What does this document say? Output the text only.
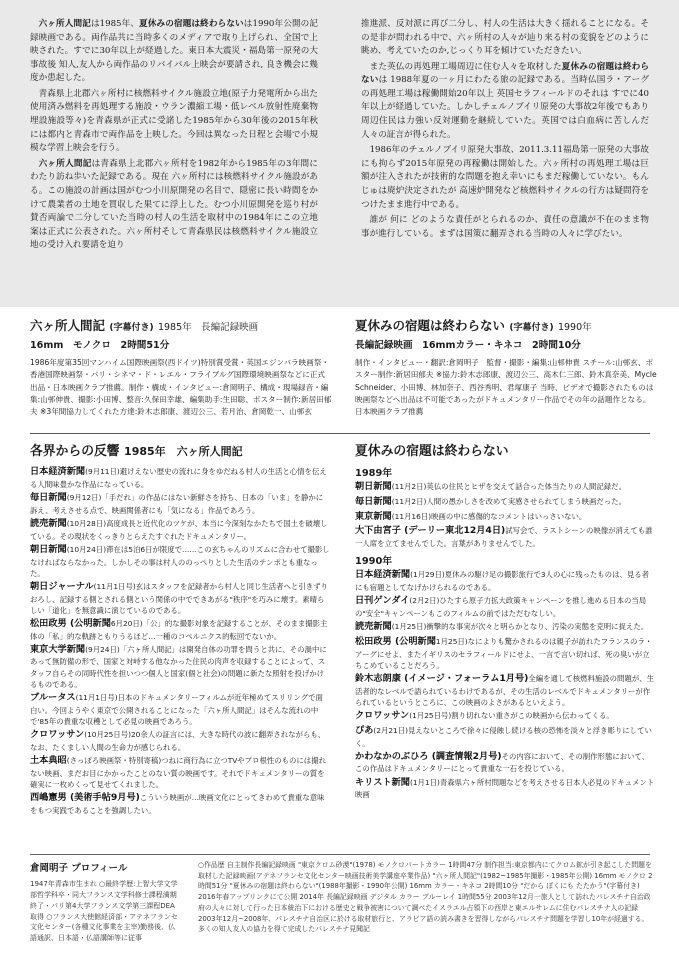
六ヶ所人間記は1985年、夏休みの宿題は終わらないは1990年公開の記録映画である。両作品共に当時多くのメディアで取り上げられ、全国で上映された。すでに30年以上が経過した。東日本大震災・福島第一原発の大事故後 知人,友人から両作品のリバイバル上映会が要請され, 良き機会に幾度か患起した。

青森県上北郡六ヶ所村に核燃料サイクル施設立地(原子力発電所から出た使用済み燃料を再処理する施設・ウラン濃縮工場・低レベル放射性廃棄物埋設施設等々)を青森県が正式に受諾した1985年から30年後の2015年秋には都内と青森市で両作品を上映した。今回は異なった日程と会場で小規模な学習上映会を行う。

六ヶ所人間記は青森県上北郡六ヶ所村を1982年から1985年の3年間にわたり訪ね歩いた記録である。現在 六ヶ所村には核燃料サイクル施設がある。この施設の計画は国がむつ小川原開発の名目で、隠密に長い時間をかけて農業者の土地を買収した果てに浮上した。むつ小川原開発を巡り村が賛否両論で二分していた当時の村人の生活を取材中の1984年にこの立地案は正式に公表された。六ヶ所村そして青森県民は核燃料サイクル施設立地の受け入れ要請を迫り

推進派、反対派に再び二分し、村人の生活は大きく揺れることになる。その是非が問われる中で、六ヶ所村の人々が辿り来る村の変貌をどのように眺め、考えていたのか,じっくり耳を傾けていただきたい。

また英仏の再処理工場周辺に住む人々を取材した夏休みの宿題は終わらないは 1988年夏の一ヶ月にわたる旅の記録である。当時仏国ラ・アーグの再処理工場は稼働開始20年以上 英国セラフィールドのそれは すでに40年以上が経過していた。しかしチェルノブイリ原発の大事故2年後でもあり周辺住民は力強い反対運動を継続していた。英国では白血病に苦しんだ人々の証言が得られた。

1986年のチェルノブイリ原発大事故、2011.3.11福島第一原発の大事故にも拘らず2015年原発の再稼働は開始した。六ヶ所村の再処理工場は巨額が注入されたが技術的な問題を抱え幸いにもまだ稼働していない。もんじゅは廃炉決定されたが 高速炉開発など核燃料サイクルの行方は疑問符をつけたまま進行中である。

誰が 何に どのような責任がとられるのか、責任の意識が不在のまま物事が進行している。まずは国策に翻弄される当時の人々に学びたい。

六ヶ所人間記 (字幕付き) 1985年　長編記録映画
16mm　モノクロ　2時間51分
1986年度第35回マンハイム国際映画祭(西ドイツ)特別賞受賞・英国エジンバラ映画祭・香港国際映画祭・パリ・シネマ・ド・レエル・フライブルグ国際環境映画祭などに正式出品・日本映画クラブ推薦。制作・構成・インタビュー:倉岡明子、構成・現場録音・編集:山邨伸貴、撮影:小田博、整音:久保田幸雄、編集助手:生田聡、ポスター制作:新居田郁夫 ※3年間協力してくれた方達:鈴木志郎康、渡辺公三、若月治、倉岡乾一、山邨玄
夏休みの宿題は終わらない (字幕付き) 1990年
長編記録映画　16mmカラー・キネコ　2時間10分
制作・インタビュー・翻訳:倉岡明子　監督・撮影・編集:山邨伸貴 スチール:山邨玄、ポスター制作:新居田郁夫 ※協力:鈴木志郎康、渡辺公三、高木仁三郎、鈴木真奈美、Mycle Schneider、小田博、林加奈子、西谷秀明、君塚康子 当時、ビデオで撮影されたものは映画祭などへ出品は不可能であったがドキュメンタリー作品でその年の話題作となる。日本映画クラブ推薦
各界からの反響 1985年　六ヶ所人間記
日本経済新聞(9月11日)避けえない歴史の流れに身をゆだねる村人の生活と心情を伝える人間味豊かな作品になっている。
毎日新聞(9月12日)「手だれ」の作品にはない新鮮さを持ち、日本の「いま」を静かに訴え、考えさせる点で、映画関係者にも「気になる」作品であろう。
読売新聞(10月28日)高度成長と近代化のツケが、本当に今深刻なかたちで国土を破壊している。その現状をくっきりとらえたすぐれたドキュメンタリー。
朝日新聞(10月24日)滞在は5泊6日が限度で……この玄ちゃんのリズムに合わせて撮影しなければならなかった。しかしその事は村人ののっぺりとした生活のテンポとも重なった。
朝日ジャーナル(11月1日号)玄はスタッフを記録者から村人と同じ生活者へと引きずりおろし、記録する側とされる側という関係の中でできあがる"秩序"を巧みに壊す。素晴らしい「道化」を無意識に演じているのである。
松田政男 (公明新聞6月20日)「公」的な撮影対象を記録することが、そのまま撮影主体の「私」的な軌跡ともりうるほど…一種のコペルニクス的転回でないか。
東京大学新聞(9月24日)「六ヶ所人間記」は開発自体の功罪を問うと共に、その渦中にあって無防備の形で、国家と対峙する他なかった住民の肉声を収録することによって、スタッフ自らその同時代性を担いつつ個人と国家(個と社会)の問題に新たな照射を投げかけるものである。
ブルータス(11月1日号)日本のドキュメンタリーフィルムが近年極めてスリリングで面白い。今回ようやく東京で公開されることになった「六ヶ所人間記」はそんな流れの中で'85年の貴重な収穫として必見の映画であろう。
クロワッサン(10月25日号)20余人の証言には、大きな時代の波に翻弄されながらも、なお、たくましい人間の生命力が感じられる。
土本典昭(さっぽろ映画祭・特別寄稿)つねに商行為に立つTVやプロ根性のものには撮れない映画、まだお目にかかったことのない質の映画です。それでドキュメンタリーの質を確実に一枚めくって見せてくれました。
西嶋憲男 (美術手帖9月号)こういう映画が…映画文化にとってきわめて貴重な意味をもつ実践であることを強調したい。
夏休みの宿題は終わらない
1989年
朝日新聞(11月2日)英仏の住民とヒザを交えて話合った体当たりの人間記録だ。
毎日新聞(11月2日)人間の愚かしさを改めて実感させられてしまう映画だった。
東京新聞(11月16日)映画の中に感傷的なコメントはいっさいない。
大下由宮子 (デーリー東北12月4日)試写会で、ラストシーンの映像が消えても誰一人席を立てませんでした。言葉がありませんでした。
1990年
日本経済新聞(1月29日)夏休みの駆け足の撮影旅行で3人の心に残ったものは、見る者にも宿題としてなげかけられるのである。
日刊ゲンダイ(2月2日)ひたすら原子力拡大政策キャンペーンを推し進める日本の当局の"安全"キャンペーンもこのフィルムの前ではただむなしい。
読売新聞(1月25日)衝撃的な事実が次々と明らかとなり、汚染の実態を克明に捉えた。
松田政男 (公明新聞1月25日)なによりも驚かされるのは親子が訪れたフランスのラ・アーグにせよ、またイギリスのセラフィールドにせよ、一言で言い切れば、死の臭いが立ちこめていることだろう。
鈴木志朗康 (イメージ・フォーラム1月号)全編を通して核燃料施設の問題が、生活者的なレベルで語られているわけであるが、その生活のレベルでドキュメンタリーが作られているというところに、この映画のよさがあるといえよう。
クロワッサン(1月25日号)割り切れない重さがこの映画から伝わってくる。
ぴあ(2月21日)見えないところで徐々に侵蝕し続ける核の恐怖を淡々と浮き彫りにしていく。
かわなかのぶひろ (調査情報2月号)その内容において、その制作形態において、この作品はドキュメンタリーにとって貴重な一石を投じている。
キリスト新聞(1月1日)青森県六ヶ所村問題などを考えさせる日本人必見のドキュメント映画
倉岡明子 プロフィール
1947年青森市生まれ ○最終学歴:上智大学文学部哲学科卒・同大フランス文学科修士課程満期終了・パリ第4大学フランス文学第三課程DEA取得 ○フランス大使館経済部・アテネフランセ文化センター(各種文化事業を主宰)勤務後、仏語通訳、日本語・仏語講師等に従事
○作品歴 自主制作長編記録映画 "東京クロム砂漠"(1978) モノクロパートカラー 1時間47分 制作担当:東京都内にてクロム鉱が引き起こした問題を取材した記録映画(アテネフランセ文化センター映画技術美学講座卒業作品) "六ヶ所人間記"(1982~1985年撮影・1985年公開) 16mm モノクロ 2時間51分 "夏休みの宿題は終わらない"(1988年撮影・1990年公開) 16mm カラー・キネコ 2時間10分 "だから ぼくにも たたかう"(字幕付き) 2016年春アップリンクにて公開 2014年 長編記録映画 デジタル カラー ブルーレイ 1時間55分 2003年12月一旅人として訪れたパレスチナ自治政府の人々に対して行った日本統治下における歴史と戦争被害について調べたイスラエル占領下の西岸と東エルサレムに住むパレスチナ人の記録 2003年12月~2008年、パレスチナ自治区に於ける取材旅行と、アラビア語の読み書きを習得しながらパレスチナ問題を学習し10年が経過する。多くの知人友人の協力を得て完成したパレスチナ見聞記
